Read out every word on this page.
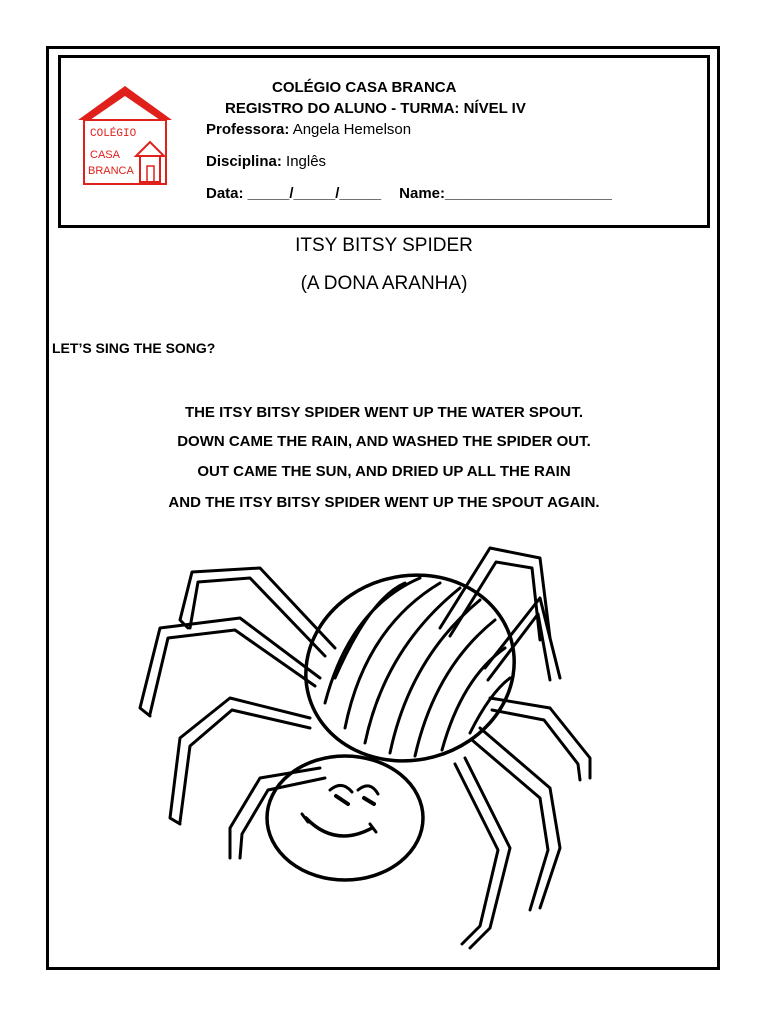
COLÉGIO
CASA
BRANCA
COLÉGIO CASA BRANCA
REGISTRO DO ALUNO - TURMA: NÍVEL IV
Professora: Angela Hemelson
Disciplina: Inglês
Data: _____/_____/_____ Name:____________________
ITSY BITSY SPIDER
(A DONA ARANHA)
LET’S SING THE SONG?
THE ITSY BITSY SPIDER WENT UP THE WATER SPOUT.
DOWN CAME THE RAIN, AND WASHED THE SPIDER OUT.
OUT CAME THE SUN, AND DRIED UP ALL THE RAIN
AND THE ITSY BITSY SPIDER WENT UP THE SPOUT AGAIN.
